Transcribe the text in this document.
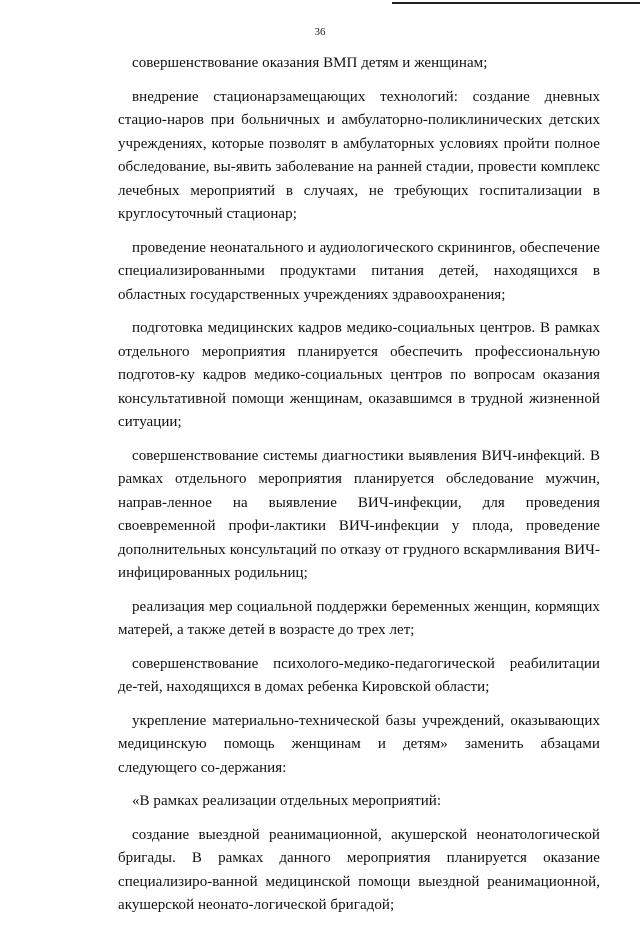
36

совершенствование оказания ВМП детям и женщинам;

внедрение стационарзамещающих технологий: создание дневных стацио-наров при больничных и амбулаторно-поликлинических детских учреждениях, которые позволят в амбулаторных условиях пройти полное обследование, вы-явить заболевание на ранней стадии, провести комплекс лечебных мероприятий в случаях, не требующих госпитализации в круглосуточный стационар;

проведение неонатального и аудиологического скринингов, обеспечение специализированными продуктами питания детей, находящихся в областных государственных учреждениях здравоохранения;

подготовка медицинских кадров медико-социальных центров. В рамках отдельного мероприятия планируется обеспечить профессиональную подготов-ку кадров медико-социальных центров по вопросам оказания консультативной помощи женщинам, оказавшимся в трудной жизненной ситуации;

совершенствование системы диагностики выявления ВИЧ-инфекций. В рамках отдельного мероприятия планируется обследование мужчин, направ-ленное на выявление ВИЧ-инфекции, для проведения своевременной профи-лактики ВИЧ-инфекции у плода, проведение дополнительных консультаций по отказу от грудного вскармливания ВИЧ-инфицированных родильниц;

реализация мер социальной поддержки беременных женщин, кормящих матерей, а также детей в возрасте до трех лет;

совершенствование психолого-медико-педагогической реабилитации де-тей, находящихся в домах ребенка Кировской области;

укрепление материально-технической базы учреждений, оказывающих медицинскую помощь женщинам и детям» заменить абзацами следующего со-держания:

«В рамках реализации отдельных мероприятий:

создание выездной реанимационной, акушерской неонатологической бригады. В рамках данного мероприятия планируется оказание специализиро-ванной медицинской помощи выездной реанимационной, акушерской неонато-логической бригадой;
